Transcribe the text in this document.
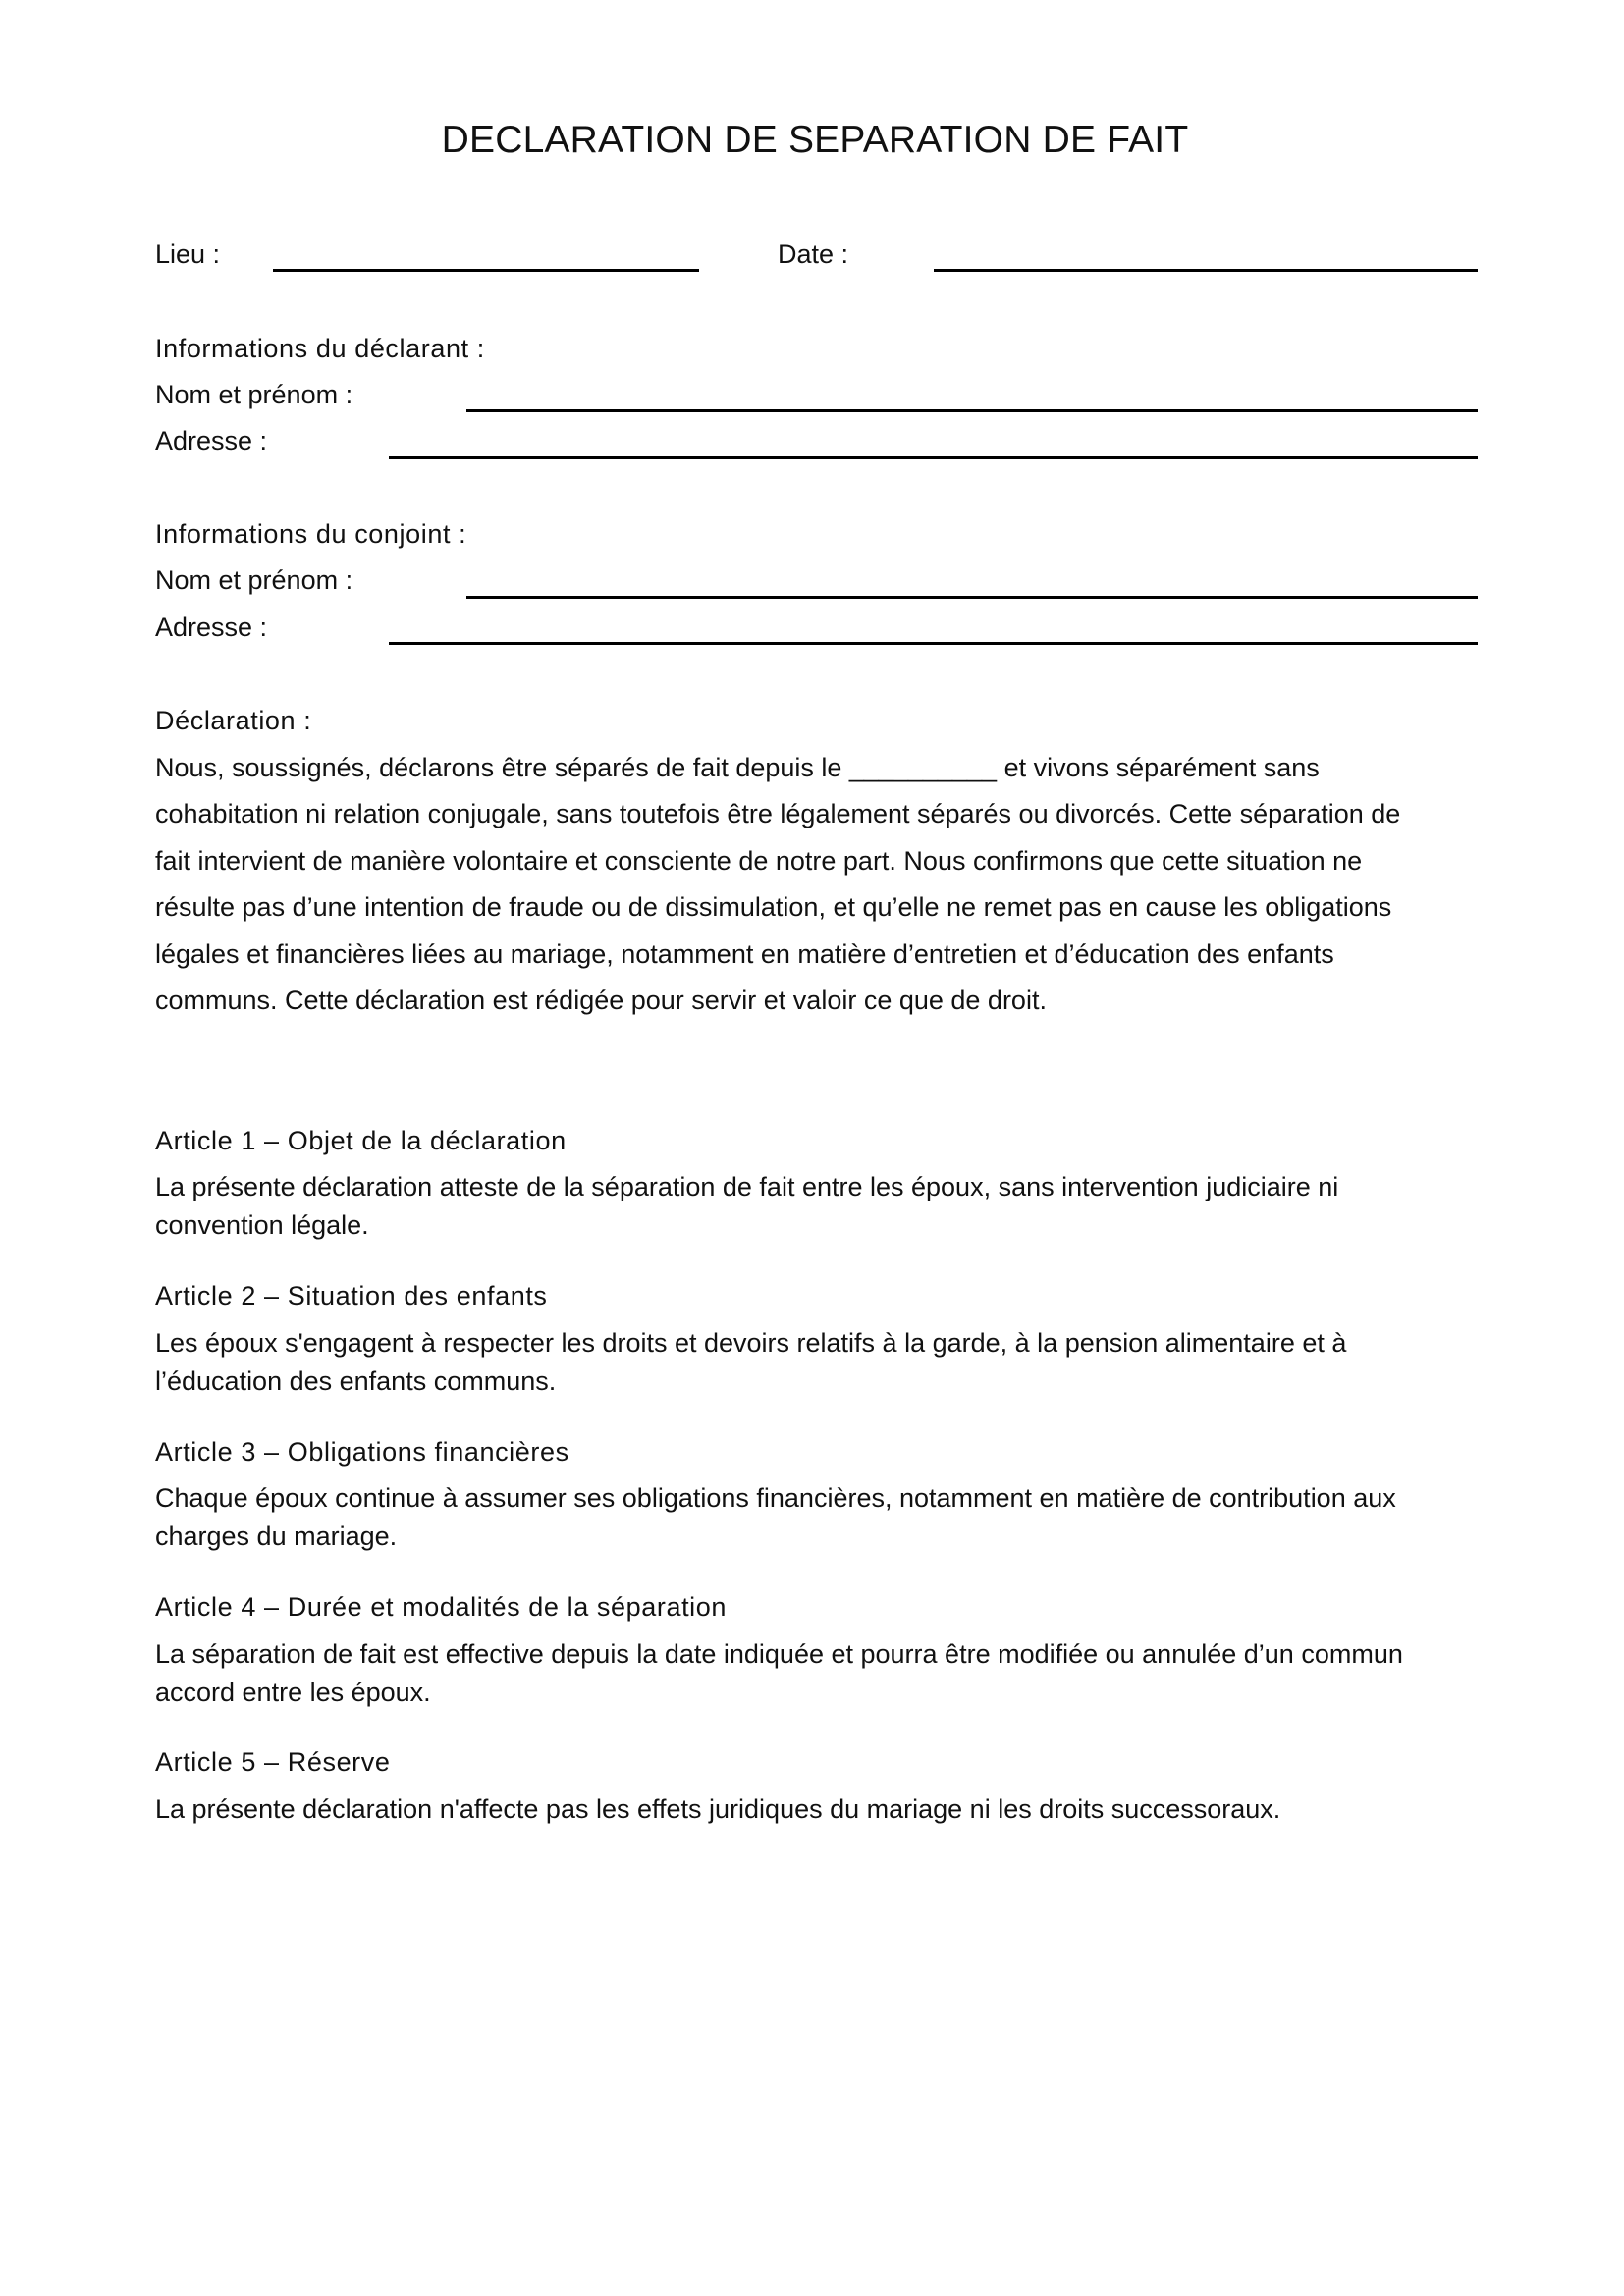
DECLARATION DE SEPARATION DE FAIT
Lieu :	Date :
Informations du déclarant :
Nom et prénom :
Adresse :
Informations du conjoint :
Nom et prénom :
Adresse :
Déclaration :
Nous, soussignés, déclarons être séparés de fait depuis le __________ et vivons séparément sans
cohabitation ni relation conjugale, sans toutefois être légalement séparés ou divorcés. Cette séparation de
fait intervient de manière volontaire et consciente de notre part. Nous confirmons que cette situation ne
résulte pas d’une intention de fraude ou de dissimulation, et qu’elle ne remet pas en cause les obligations
légales et financières liées au mariage, notamment en matière d’entretien et d’éducation des enfants
communs. Cette déclaration est rédigée pour servir et valoir ce que de droit.
Article 1 – Objet de la déclaration
La présente déclaration atteste de la séparation de fait entre les époux, sans intervention judiciaire ni
convention légale.
Article 2 – Situation des enfants
Les époux s'engagent à respecter les droits et devoirs relatifs à la garde, à la pension alimentaire et à
l’éducation des enfants communs.
Article 3 – Obligations financières
Chaque époux continue à assumer ses obligations financières, notamment en matière de contribution aux
charges du mariage.
Article 4 – Durée et modalités de la séparation
La séparation de fait est effective depuis la date indiquée et pourra être modifiée ou annulée d’un commun
accord entre les époux.
Article 5 – Réserve
La présente déclaration n'affecte pas les effets juridiques du mariage ni les droits successoraux.
